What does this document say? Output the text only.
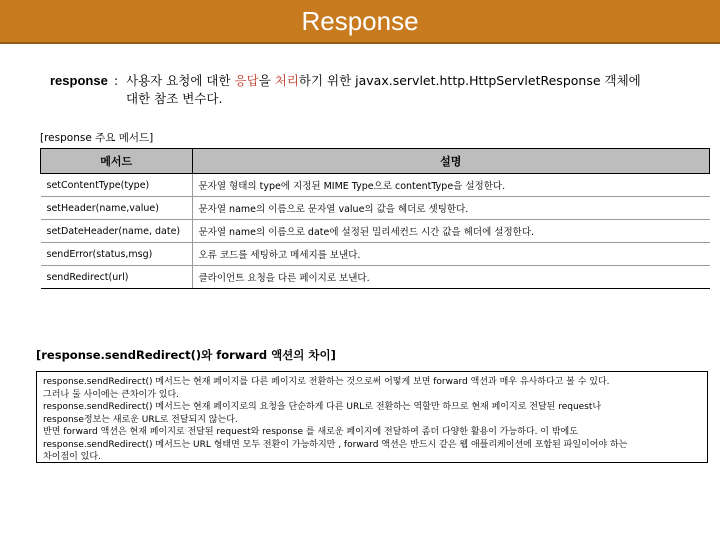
Response
response : 사용자 요청에 대한 응답을 처리하기 위한 javax.servlet.http.HttpServletResponse 객체에
대한 참조 변수다.
[response 주요 메서드]
메서드	설명
setContentType(type)	문자열 형태의 type에 지정된 MIME Type으로 contentType을 설정한다.
setHeader(name,value)	문자열 name의 이름으로 문자열 value의 값을 헤더로 셋팅한다.
setDateHeader(name, date)	문자열 name의 이름으로 date에 설정된 밀리세컨드 시간 값을 헤더에 설정한다.
sendError(status,msg)	오류 코드를 세팅하고 메세지를 보낸다.
sendRedirect(url)	클라이언트 요청을 다른 페이지로 보낸다.
[response.sendRedirect()와 forward 액션의 차이]
response.sendRedirect() 메서드는 현재 페이지를 다른 페이지로 전환하는 것으로써 어떻게 보면 forward 액션과 매우 유사하다고 볼 수 있다.
그러나 둘 사이에는 큰차이가 있다.
response.sendRedirect() 메서드는 현재 페이지로의 요청을 단순하게 다른 URL로 전환하는 역할만 하므로 현재 페이지로 전달된 request나
response정보는 새로운 URL로 전달되지 않는다.
반면 forward 액션은 현재 페이지로 전달된 request와 response 를 새로운 페이지에 전달하여 좀더 다양한 활용이 가능하다. 이 밖에도
response.sendRedirect() 메서드는 URL 형태면 모두 전환이 가능하지만 , forward 액션은 반드시 같은 웹 애플리케이션에 포함된 파일이어야 하는
차이점이 있다.
